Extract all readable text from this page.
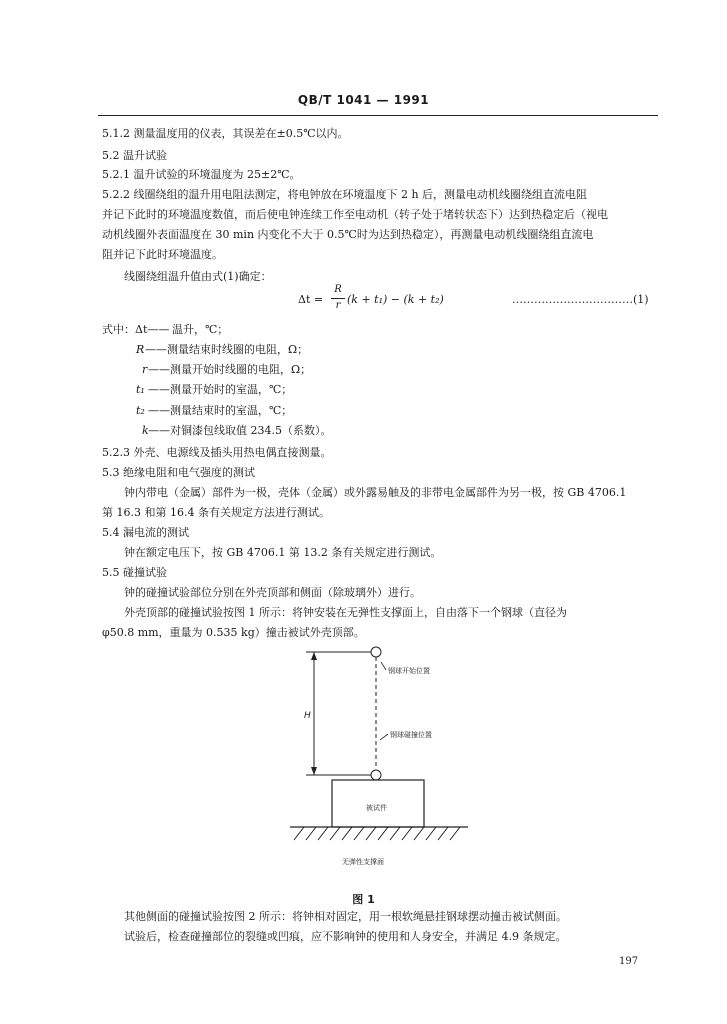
QB/T 1041 — 1991
5.1.2 测量温度用的仪表，其误差在±0.5℃以内。
5.2 温升试验
5.2.1 温升试验的环境温度为 25±2℃。
5.2.2 线圈绕组的温升用电阻法测定，将电钟放在环境温度下 2 h 后，测量电动机线圈绕组直流电阻
并记下此时的环境温度数值，而后使电钟连续工作至电动机（转子处于堵转状态下）达到热稳定后（视电
动机线圈外表面温度在 30 min 内变化不大于 0.5℃时为达到热稳定），再测量电动机线圈绕组直流电
阻并记下此时环境温度。
线圈绕组温升值由式(1)确定：
Δt =
R
r (k + t₁) − (k + t₂)	……………………………(1)
式中：Δt—— 温升，℃；
R ——测量结束时线圈的电阻，Ω；
r ——测量开始时线圈的电阻，Ω；
t₁ ——测量开始时的室温，℃；
t₂ ——测量结束时的室温，℃；
k ——对铜漆包线取值 234.5（系数）。
5.2.3 外壳、电源线及插头用热电偶直接测量。
5.3 绝缘电阻和电气强度的测试
钟内带电（金属）部件为一极，壳体（金属）或外露易触及的非带电金属部件为另一极，按 GB 4706.1
第 16.3 和第 16.4 条有关规定方法进行测试。
5.4 漏电流的测试
钟在额定电压下，按 GB 4706.1 第 13.2 条有关规定进行测试。
5.5 碰撞试验
钟的碰撞试验部位分别在外壳顶部和侧面（除玻璃外）进行。
外壳顶部的碰撞试验按图 1 所示：将钟安装在无弹性支撑面上，自由落下一个钢球（直径为
φ50.8 mm，重量为 0.535 kg）撞击被试外壳顶部。
H
钢球开始位置
钢球碰撞位置
被试件
无弹性支撑面
图 1
其他侧面的碰撞试验按图 2 所示：将钟相对固定，用一根软绳悬挂钢球摆动撞击被试侧面。
试验后，检查碰撞部位的裂缝或凹痕，应不影响钟的使用和人身安全，并满足 4.9 条规定。
197
